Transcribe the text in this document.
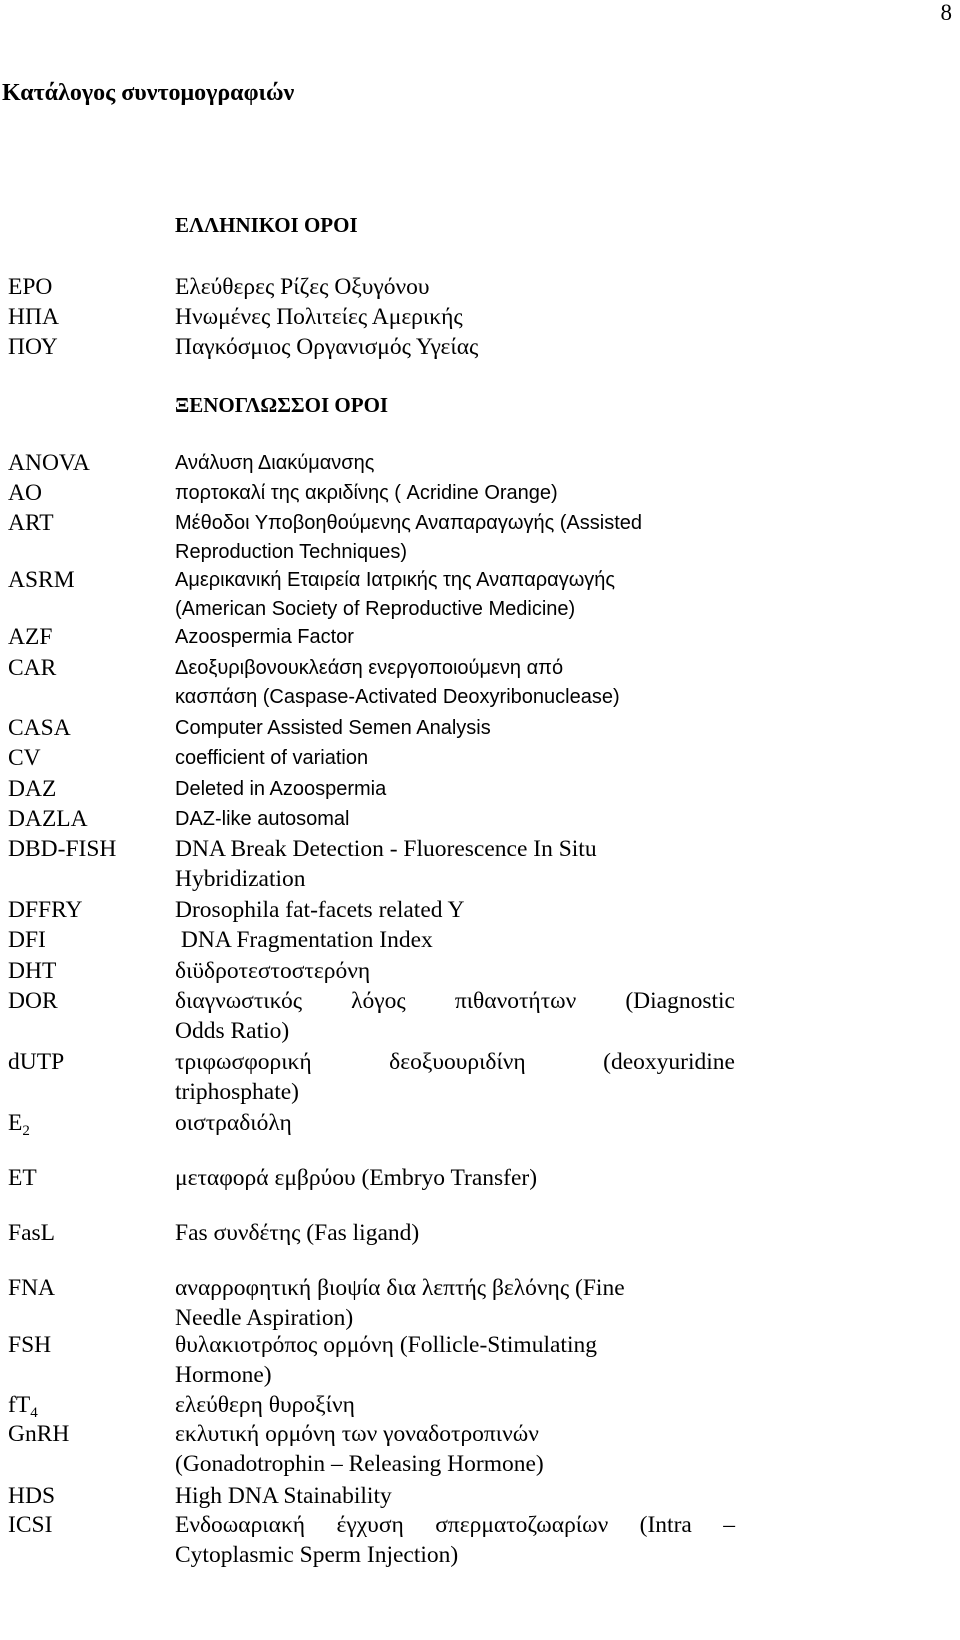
8
Κατάλογος συντομογραφιών
ΕΛΛΗΝΙΚΟΙ ΟΡΟΙ
ΕΡΟ	Ελεύθερες Ρίζες Οξυγόνου
ΗΠΑ	Ηνωμένες Πολιτείες Αμερικής
ΠΟΥ	Παγκόσμιος Οργανισμός Υγείας
ΞΕΝΟΓΛΩΣΣΟΙ ΟΡΟΙ
ANOVA	Ανάλυση Διακύμανσης
AO	πορτοκαλί της ακριδίνης ( Acridine Orange)
ART	Μέθοδοι Υποβοηθούμενης Αναπαραγωγής (Assisted
Reproduction Techniques)
ASRM	Αμερικανική Εταιρεία Ιατρικής της Αναπαραγωγής
(American Society of Reproductive Medicine)
AZF	Azoospermia Factor
CAR	Δεοξυριβονουκλεάση ενεργοποιούμενη από
κασπάση (Caspase-Activated Deoxyribonuclease)
CASA	Computer Assisted Semen Analysis
CV	coefficient of variation
DAZ	Deleted in Azoospermia
DAZLA	DAZ-like autosomal
DBD-FISH DNA Break Detection - Fluorescence In Situ
Hybridization
DFFRY	Drosophila fat-facets related Y
DFI	DNA Fragmentation Index
DHT	διϋδροτεστοστερόνη
DOR	διαγνωστικός λόγος πιθανοτήτων (Diagnostic
Odds Ratio)
dUTP	τριφωσφορική δεοξυουριδίνη (deoxyuridine
triphosphate)
$E_2$	οιστραδιόλη
ET	μεταφορά εμβρύου (Embryo Transfer)
FasL	Fas συνδέτης (Fas ligand)
FNA	αναρροφητική βιοψία δια λεπτής βελόνης (Fine
Needle Aspiration)
FSH	θυλακιοτρόπος ορμόνη (Follicle-Stimulating
Hormone)
$fT_4$	ελεύθερη θυροξίνη
GnRH	εκλυτική ορμόνη των γοναδοτροπινών
(Gonadotrophin – Releasing Hormone)
HDS	High DNA Stainability
ICSI	Ενδοωαριακή έγχυση σπερματοζωαρίων (Intra –
Cytoplasmic Sperm Injection)
